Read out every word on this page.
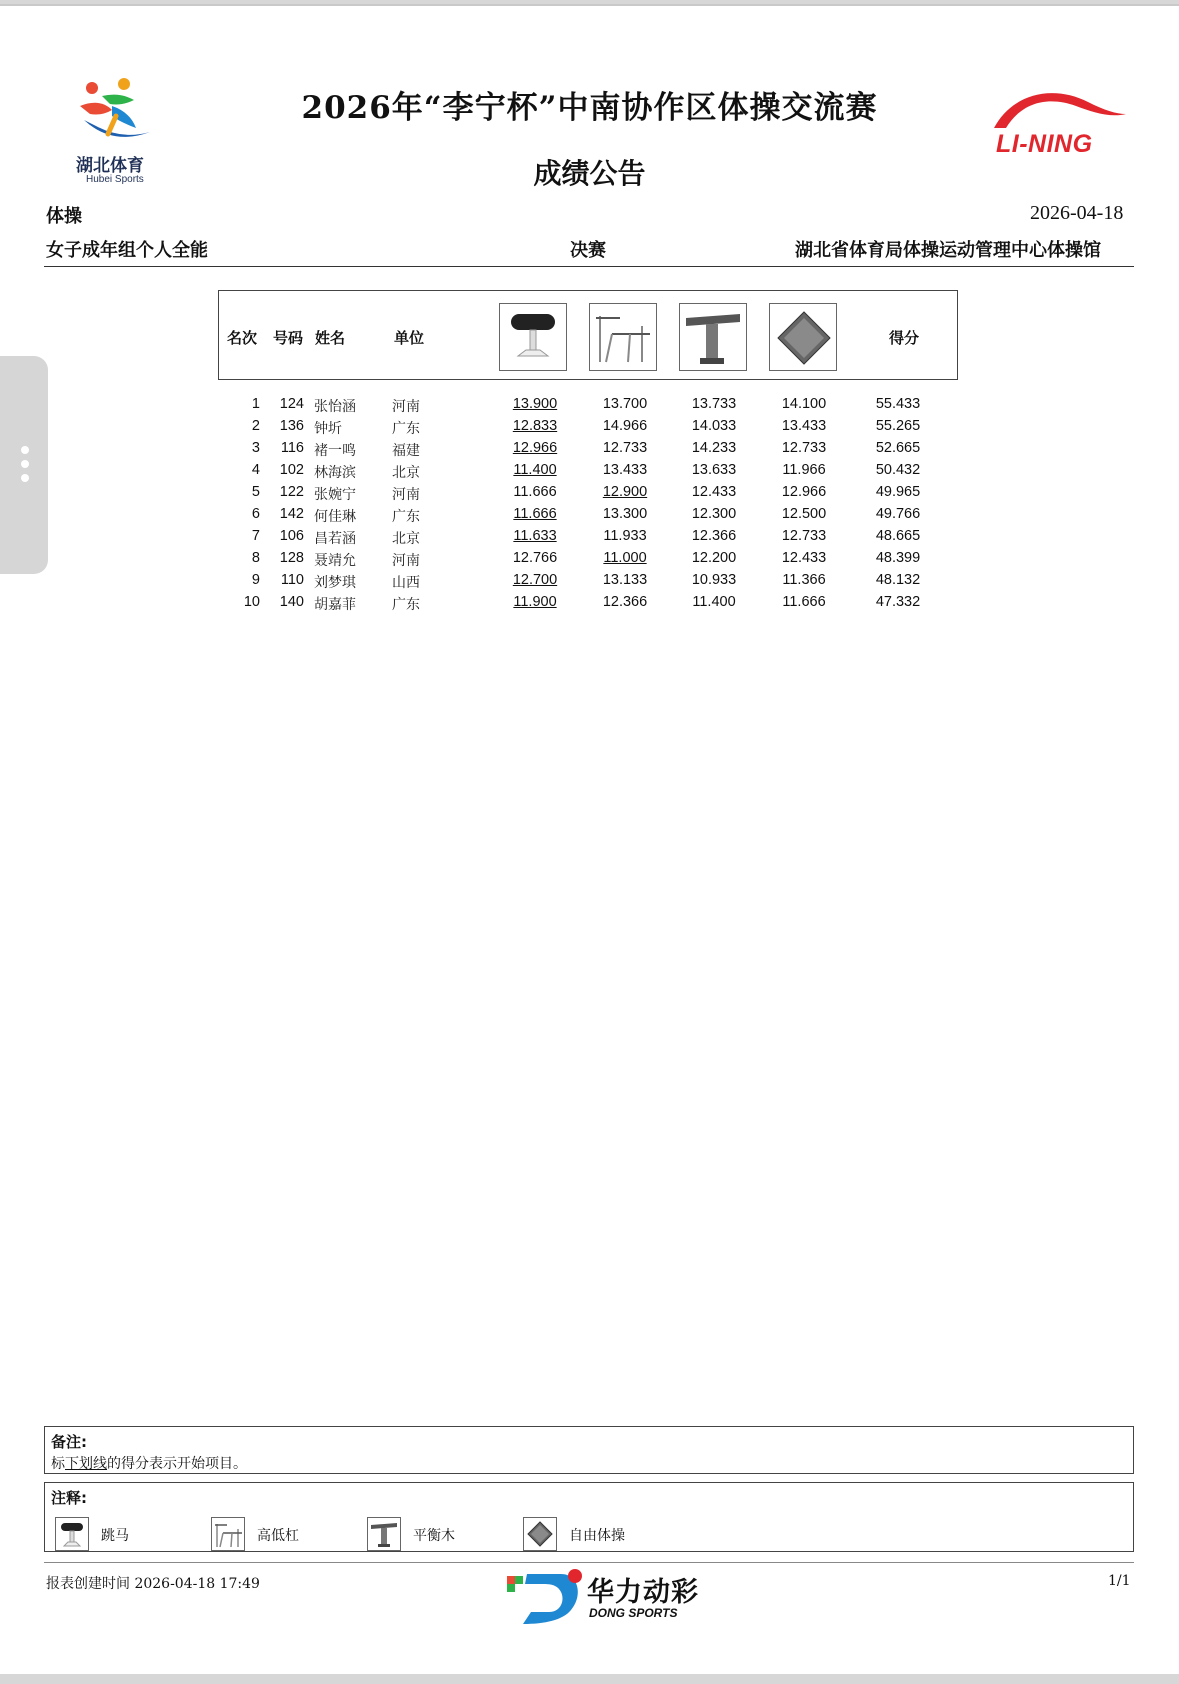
湖北体育
Hubei Sports
2026年“李宁杯”中南协作区体操交流赛
成绩公告
LI-NING
体操	2026-04-18
女子成年组个人全能	决赛	湖北省体育局体操运动管理中心体操馆
名次 号码 姓名	单位	得分
1	124 张怡涵	河南	13.900	13.700	13.733	14.100	55.433
2	136 钟圻	广东	12.833	14.966	14.033	13.433	55.265
3	116 褚一鸣	福建	12.966	12.733	14.233	12.733	52.665
4	102 林海滨	北京	11.400	13.433	13.633	11.966	50.432
5	122 张婉宁	河南	11.666	12.900	12.433	12.966	49.965
6	142 何佳琳	广东	11.666	13.300	12.300	12.500	49.766
7	106 昌若涵	北京	11.633	11.933	12.366	12.733	48.665
8	128 聂靖允	河南	12.766	11.000	12.200	12.433	48.399
9	110 刘梦琪	山西	12.700	13.133	10.933	11.366	48.132
10	140 胡嘉菲	广东	11.900	12.366	11.400	11.666	47.332
备注:
标下划线的得分表示开始项目。
注释:
跳马	高低杠	平衡木	自由体操
报表创建时间 2026-04-18 17:49	华力动彩
DONG SPORTS
1/1
